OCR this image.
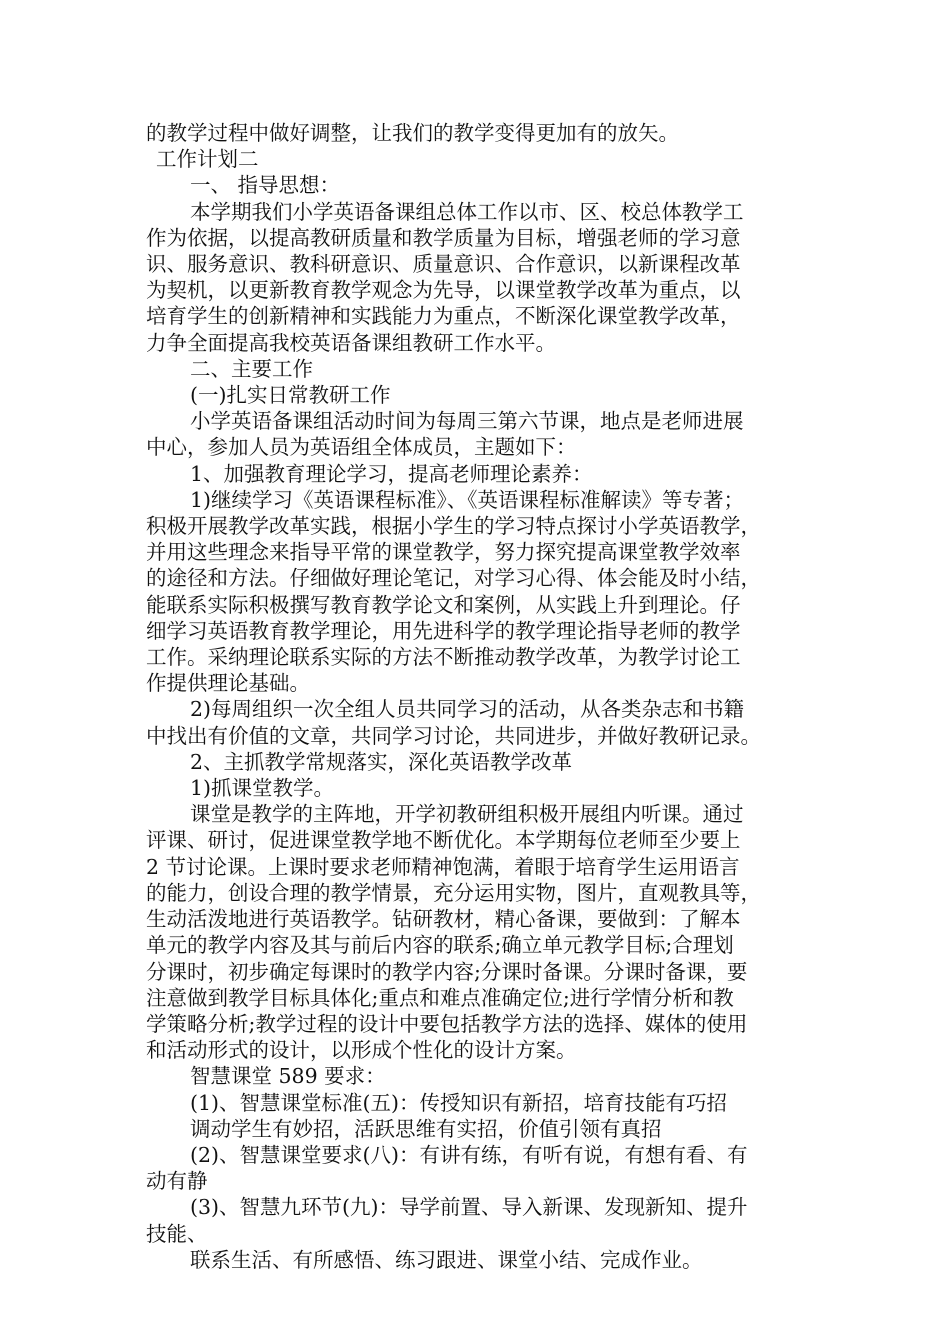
的教学过程中做好调整，让我们的教学变得更加有的放矢。
工作计划二
一、 指导思想：
本学期我们小学英语备课组总体工作以市、区、校总体教学工
作为依据，以提高教研质量和教学质量为目标，增强老师的学习意
识、服务意识、教科研意识、质量意识、合作意识，以新课程改革
为契机，以更新教育教学观念为先导，以课堂教学改革为重点，以
培育学生的创新精神和实践能力为重点，不断深化课堂教学改革，
力争全面提高我校英语备课组教研工作水平。
二、主要工作
(一)扎实日常教研工作
小学英语备课组活动时间为每周三第六节课，地点是老师进展
中心，参加人员为英语组全体成员，主题如下：
1、加强教育理论学习，提高老师理论素养：
1)继续学习《英语课程标准》、《英语课程标准解读》等专著；
积极开展教学改革实践，根据小学生的学习特点探讨小学英语教学，
并用这些理念来指导平常的课堂教学，努力探究提高课堂教学效率
的途径和方法。仔细做好理论笔记，对学习心得、体会能及时小结，
能联系实际积极撰写教育教学论文和案例，从实践上升到理论。仔
细学习英语教育教学理论，用先进科学的教学理论指导老师的教学
工作。采纳理论联系实际的方法不断推动教学改革，为教学讨论工
作提供理论基础。
2)每周组织一次全组人员共同学习的活动，从各类杂志和书籍
中找出有价值的文章，共同学习讨论，共同进步，并做好教研记录。
2、主抓教学常规落实，深化英语教学改革
1)抓课堂教学。
课堂是教学的主阵地，开学初教研组积极开展组内听课。通过
评课、研讨，促进课堂教学地不断优化。本学期每位老师至少要上
2 节讨论课。上课时要求老师精神饱满，着眼于培育学生运用语言
的能力，创设合理的教学情景，充分运用实物，图片，直观教具等，
生动活泼地进行英语教学。钻研教材，精心备课，要做到：了解本
单元的教学内容及其与前后内容的联系;确立单元教学目标;合理划
分课时，初步确定每课时的教学内容;分课时备课。分课时备课，要
注意做到教学目标具体化;重点和难点准确定位;进行学情分析和教
学策略分析;教学过程的设计中要包括教学方法的选择、媒体的使用
和活动形式的设计，以形成个性化的设计方案。
智慧课堂 589 要求：
(1)、智慧课堂标准(五)：传授知识有新招，培育技能有巧招
调动学生有妙招，活跃思维有实招，价值引领有真招
(2)、智慧课堂要求(八)：有讲有练，有听有说，有想有看、有
动有静
(3)、智慧九环节(九)：导学前置、导入新课、发现新知、提升
技能、
联系生活、有所感悟、练习跟进、课堂小结、完成作业。
